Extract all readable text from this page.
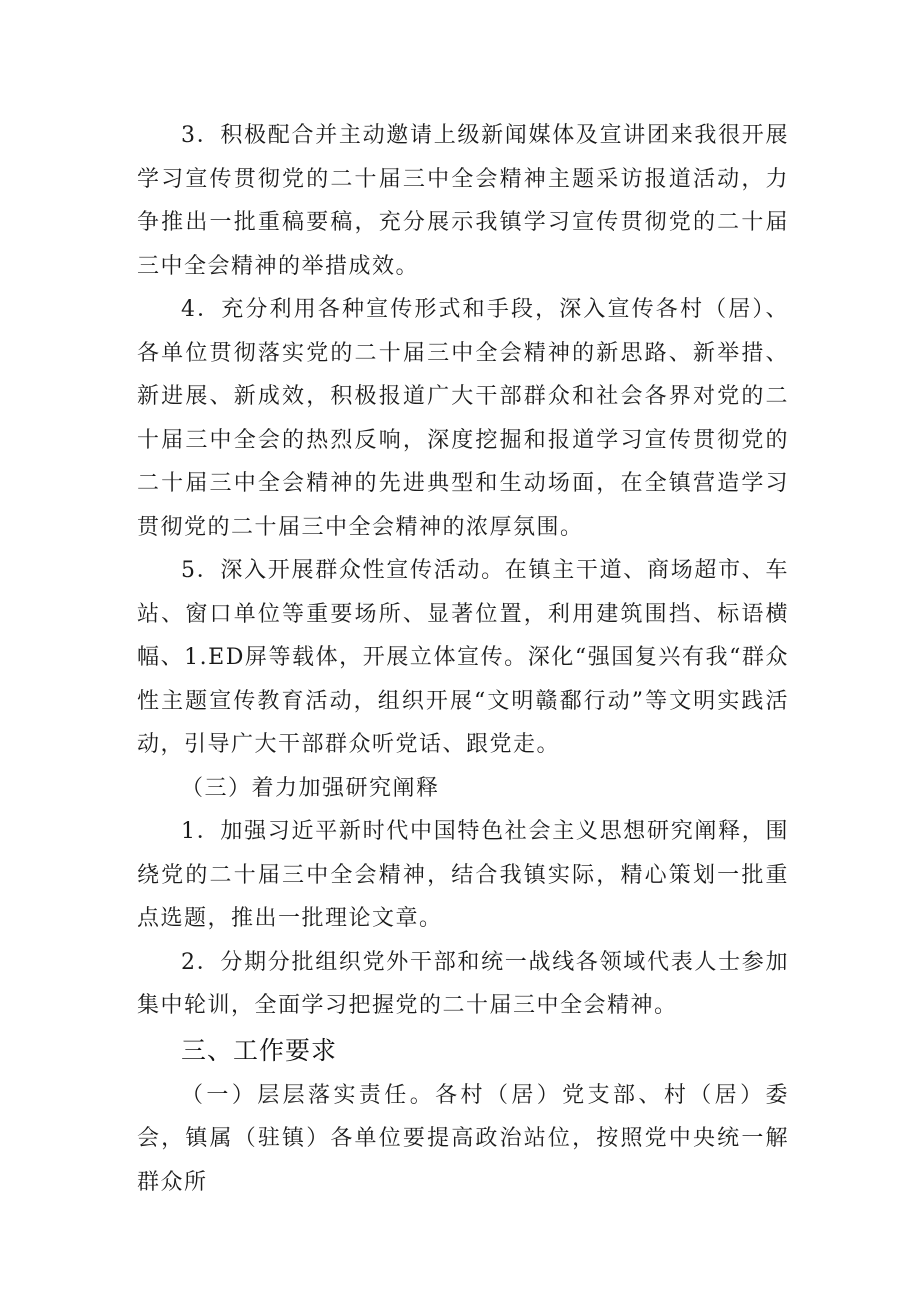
3．积极配合并主动邀请上级新闻媒体及宣讲团来我很开展学习宣传贯彻党的二十届三中全会精神主题采访报道活动，力争推出一批重稿要稿，充分展示我镇学习宣传贯彻党的二十届三中全会精神的举措成效。

4．充分利用各种宣传形式和手段，深入宣传各村（居）、各单位贯彻落实党的二十届三中全会精神的新思路、新举措、新进展、新成效，积极报道广大干部群众和社会各界对党的二十届三中全会的热烈反响，深度挖掘和报道学习宣传贯彻党的二十届三中全会精神的先进典型和生动场面，在全镇营造学习贯彻党的二十届三中全会精神的浓厚氛围。

5．深入开展群众性宣传活动。在镇主干道、商场超市、车站、窗口单位等重要场所、显著位置，利用建筑围挡、标语横幅、1.ED屏等载体，开展立体宣传。深化“强国复兴有我“群众性主题宣传教育活动，组织开展“文明赣鄱行动”等文明实践活动，引导广大干部群众听党话、跟党走。

（三）着力加强研究阐释

1．加强习近平新时代中国特色社会主义思想研究阐释，围绕党的二十届三中全会精神，结合我镇实际，精心策划一批重点选题，推出一批理论文章。

2．分期分批组织党外干部和统一战线各领域代表人士参加集中轮训，全面学习把握党的二十届三中全会精神。

三、工作要求

（一）层层落实责任。各村（居）党支部、村（居）委会，镇属（驻镇）各单位要提高政治站位，按照党中央统一解群众所
